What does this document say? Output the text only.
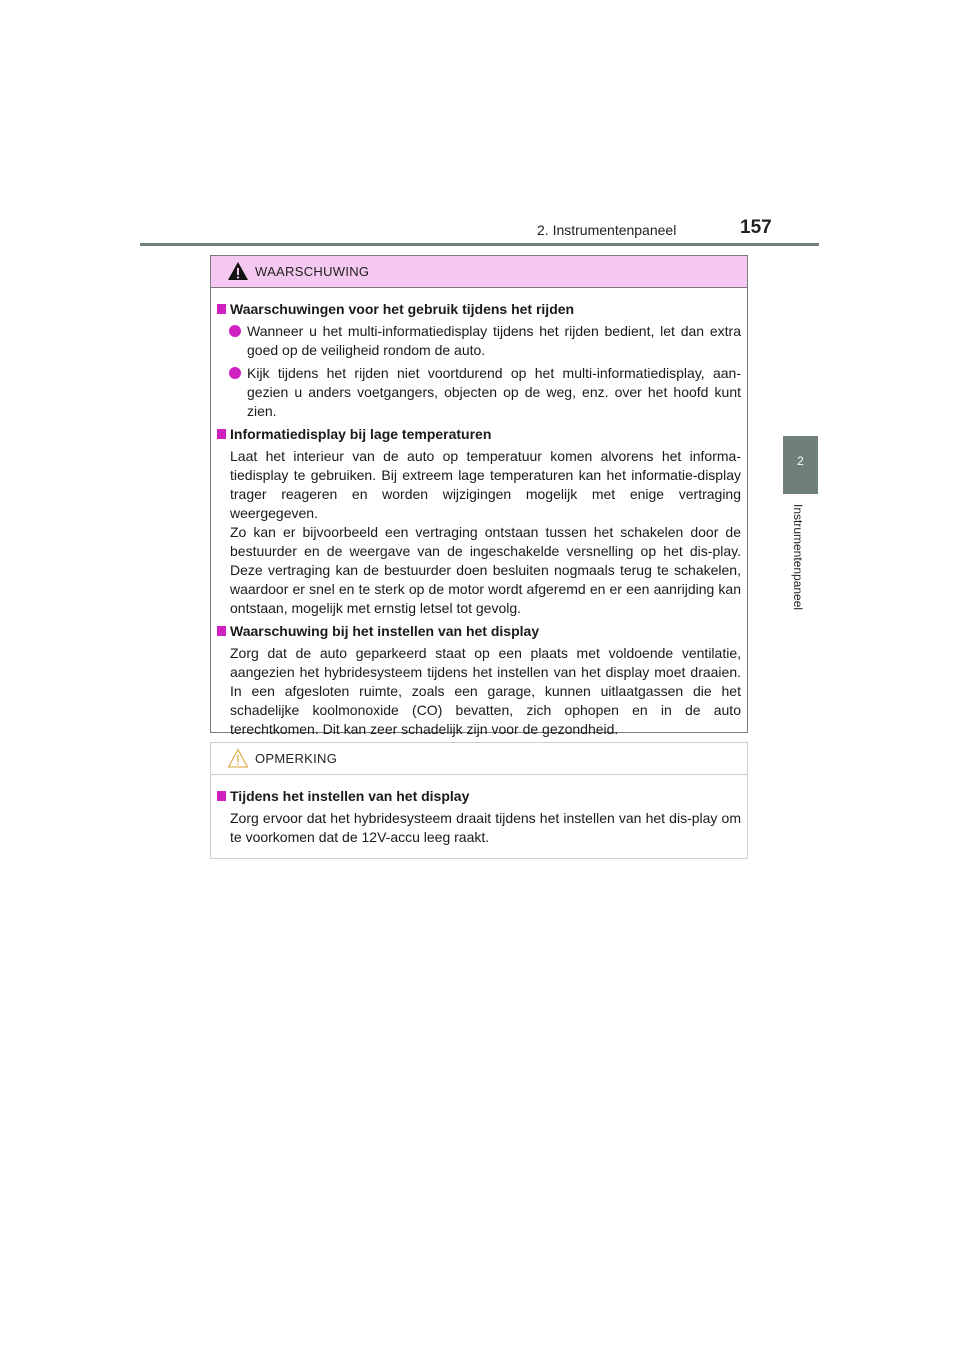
2. Instrumentenpaneel	157
2
Instrumentenpaneel
WAARSCHUWING
Waarschuwingen voor het gebruik tijdens het rijden
Wanneer u het multi-informatiedisplay tijdens het rijden bedient, let dan extra goed op de veiligheid rondom de auto.
Kijk tijdens het rijden niet voortdurend op het multi-informatiedisplay, aan-gezien u anders voetgangers, objecten op de weg, enz. over het hoofd kunt zien.
Informatiedisplay bij lage temperaturen
Laat het interieur van de auto op temperatuur komen alvorens het informa-tiedisplay te gebruiken. Bij extreem lage temperaturen kan het informatie-display trager reageren en worden wijzigingen mogelijk met enige vertraging weergegeven.
Zo kan er bijvoorbeeld een vertraging ontstaan tussen het schakelen door de bestuurder en de weergave van de ingeschakelde versnelling op het dis-play. Deze vertraging kan de bestuurder doen besluiten nogmaals terug te schakelen, waardoor er snel en te sterk op de motor wordt afgeremd en er een aanrijding kan ontstaan, mogelijk met ernstig letsel tot gevolg.
Waarschuwing bij het instellen van het display
Zorg dat de auto geparkeerd staat op een plaats met voldoende ventilatie, aangezien het hybridesysteem tijdens het instellen van het display moet draaien. In een afgesloten ruimte, zoals een garage, kunnen uitlaatgassen die het schadelijke koolmonoxide (CO) bevatten, zich ophopen en in de auto terechtkomen. Dit kan zeer schadelijk zijn voor de gezondheid.
OPMERKING
Tijdens het instellen van het display
Zorg ervoor dat het hybridesysteem draait tijdens het instellen van het dis-play om te voorkomen dat de 12V-accu leeg raakt.
